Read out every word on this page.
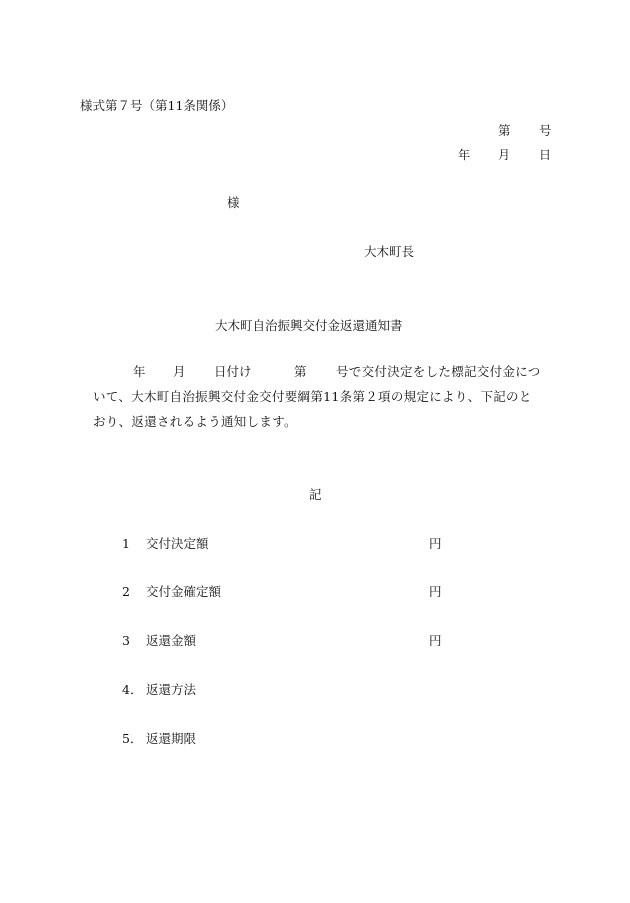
様式第７号（第11条関係）
第 号
年 月 日
様
大木町長
大木町自治振興交付金返還通知書
年 月 日付け	第 号で交付決定をした標記交付金につ
いて、大木町自治振興交付金交付要綱第11条第２項の規定により、下記のと
おり、返還されるよう通知します。
記
1 交付決定額	円
2 交付金確定額	円
3 返還金額	円
4． 返還方法
5． 返還期限
